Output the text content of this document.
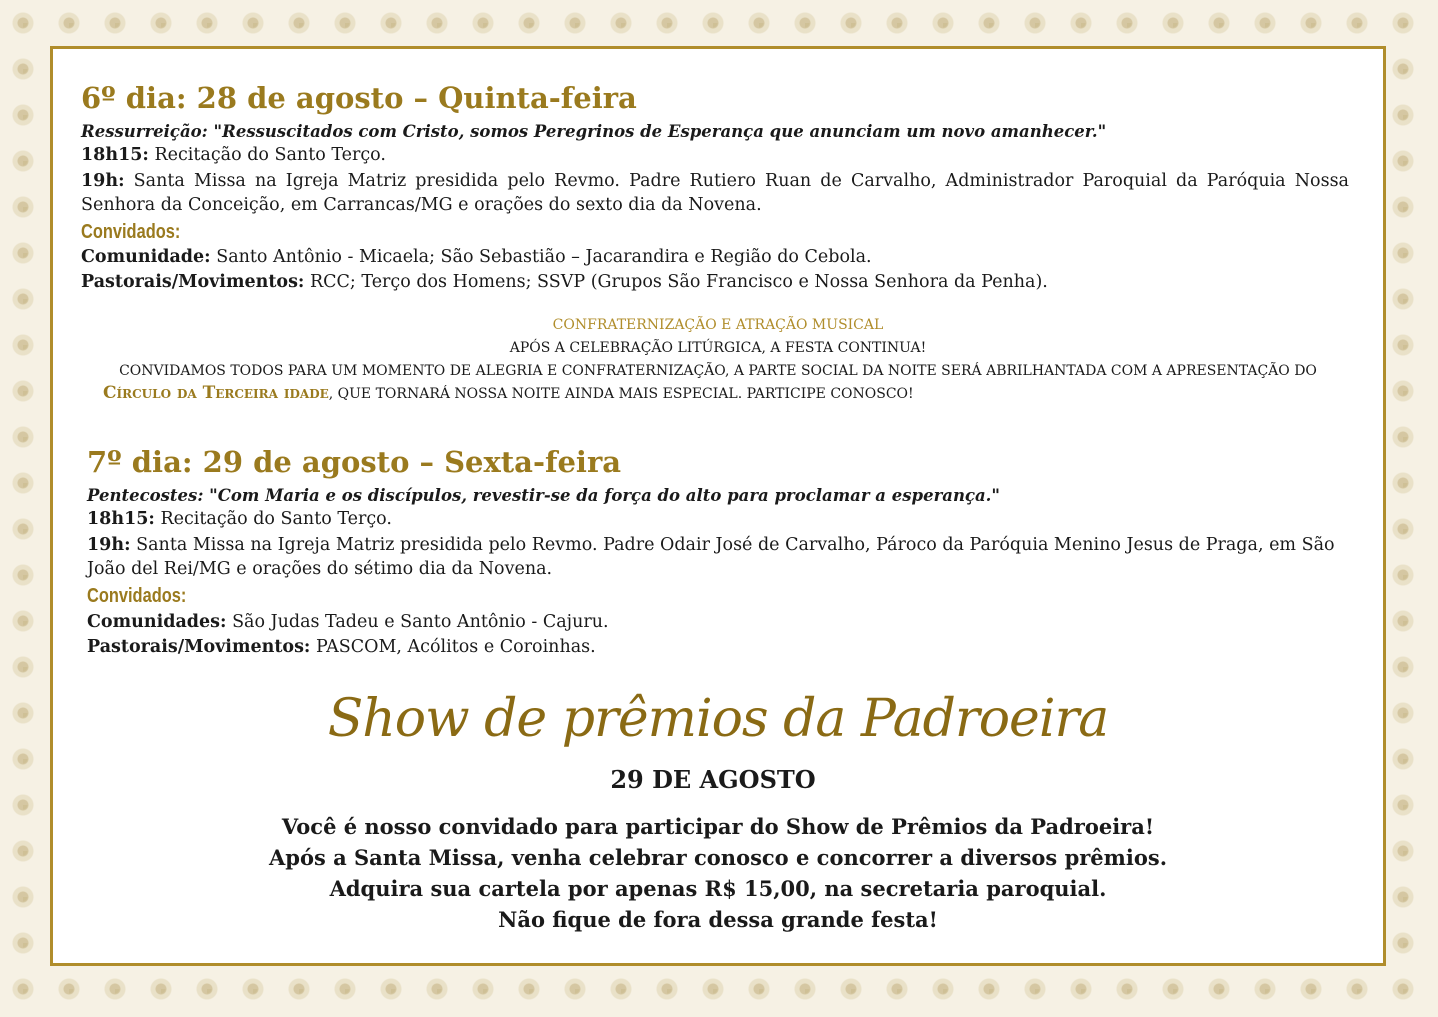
6º dia: 28 de agosto – Quinta-feira
Ressurreição: "Ressuscitados com Cristo, somos Peregrinos de Esperança que anunciam um novo amanhecer."
18h15: Recitação do Santo Terço.
19h: Santa Missa na Igreja Matriz presidida pelo Revmo. Padre Rutiero Ruan de Carvalho, Administrador Paroquial da Paróquia Nossa Senhora da Conceição, em Carrancas/MG e orações do sexto dia da Novena.
Convidados:
Comunidade: Santo Antônio - Micaela; São Sebastião – Jacarandira e Região do Cebola.
Pastorais/Movimentos: RCC; Terço dos Homens; SSVP (Grupos São Francisco e Nossa Senhora da Penha).
CONFRATERNIZAÇÃO E ATRAÇÃO MUSICAL
APÓS A CELEBRAÇÃO LITÚRGICA, A FESTA CONTINUA!
CONVIDAMOS TODOS PARA UM MOMENTO DE ALEGRIA E CONFRATERNIZAÇÃO, A PARTE SOCIAL DA NOITE SERÁ ABRILHANTADA COM A APRESENTAÇÃO DO
Círculo da Terceira idade, QUE TORNARÁ NOSSA NOITE AINDA MAIS ESPECIAL. PARTICIPE CONOSCO!
7º dia: 29 de agosto – Sexta-feira
Pentecostes: "Com Maria e os discípulos, revestir-se da força do alto para proclamar a esperança."
18h15: Recitação do Santo Terço.
19h: Santa Missa na Igreja Matriz presidida pelo Revmo. Padre Odair José de Carvalho, Pároco da Paróquia Menino Jesus de Praga, em São João del Rei/MG e orações do sétimo dia da Novena.
Convidados:
Comunidades: São Judas Tadeu e Santo Antônio - Cajuru.
Pastorais/Movimentos: PASCOM, Acólitos e Coroinhas.
Show de prêmios da Padroeira
29 DE AGOSTO
Você é nosso convidado para participar do Show de Prêmios da Padroeira!
Após a Santa Missa, venha celebrar conosco e concorrer a diversos prêmios.
Adquira sua cartela por apenas R$ 15,00, na secretaria paroquial.
Não fique de fora dessa grande festa!
